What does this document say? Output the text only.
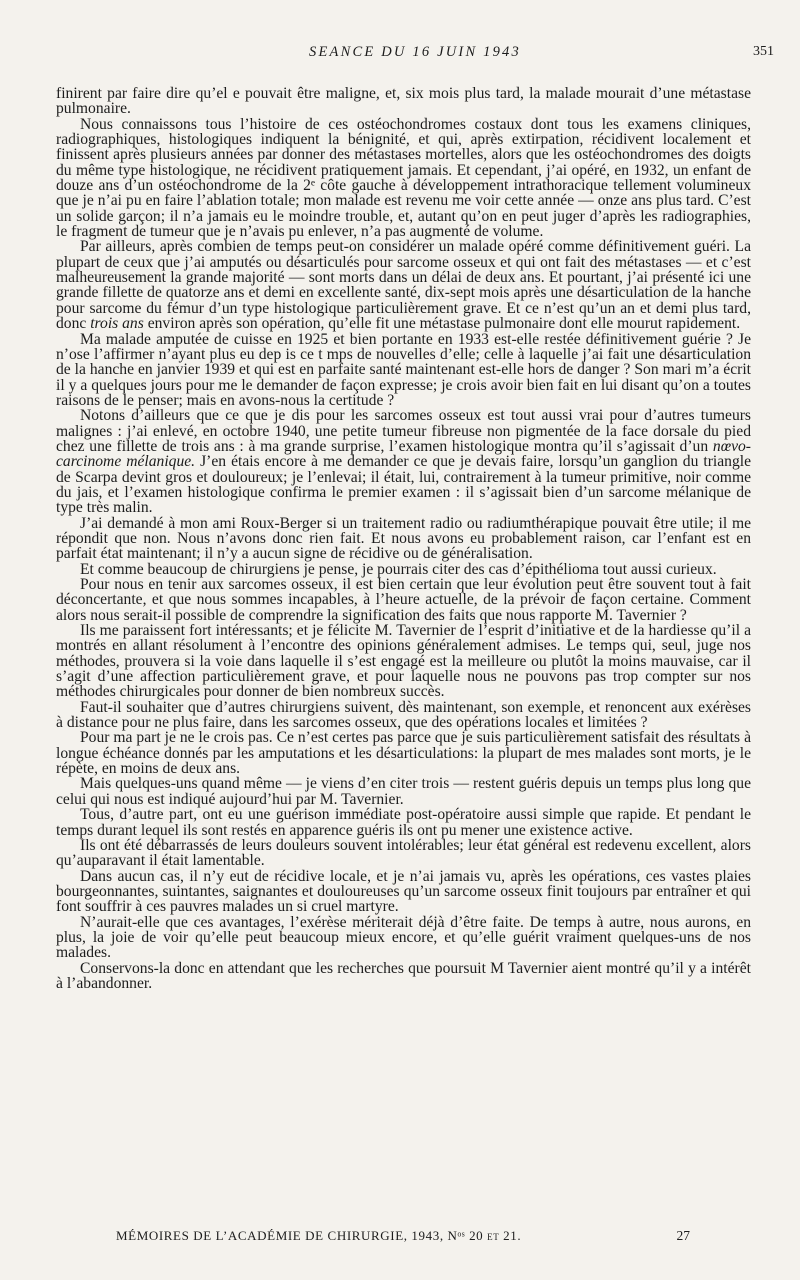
SEANCE DU 16 JUIN 1943	351

finirent par faire dire qu’el e pouvait être maligne, et, six mois plus tard, la malade mourait d’une métastase pulmonaire.

Nous connaissons tous l’histoire de ces ostéochondromes costaux dont tous les examens cliniques, radiographiques, histologiques indiquent la bénignité, et qui, après extirpation, récidivent localement et finissent après plusieurs années par donner des métastases mortelles, alors que les ostéochondromes des doigts du même type histologique, ne récidivent pratiquement jamais. Et cependant, j’ai opéré, en 1932, un enfant de douze ans d’un ostéochondrome de la 2ᵉ côte gauche à développement intrathoracique tellement volumineux que je n’ai pu en faire l’ablation totale; mon malade est revenu me voir cette année — onze ans plus tard. C’est un solide garçon; il n’a jamais eu le moindre trouble, et, autant qu’on en peut juger d’après les radiographies, le fragment de tumeur que je n’avais pu enlever, n’a pas augmenté de volume.

Par ailleurs, après combien de temps peut-on considérer un malade opéré comme définitivement guéri. La plupart de ceux que j’ai amputés ou désarticulés pour sarcome osseux et qui ont fait des métastases — et c’est malheureusement la grande majorité — sont morts dans un délai de deux ans. Et pourtant, j’ai présenté ici une grande fillette de quatorze ans et demi en excellente santé, dix-sept mois après une désarticulation de la hanche pour sarcome du fémur d’un type histologique particulièrement grave. Et ce n’est qu’un an et demi plus tard, donc trois ans environ après son opération, qu’elle fit une métastase pulmonaire dont elle mourut rapidement.

Ma malade amputée de cuisse en 1925 et bien portante en 1933 est-elle restée définitivement guérie ? Je n’ose l’affirmer n’ayant plus eu dep is ce t mps de nouvelles d’elle; celle à laquelle j’ai fait une désarticulation de la hanche en janvier 1939 et qui est en parfaite santé maintenant est-elle hors de danger ? Son mari m’a écrit il y a quelques jours pour me le demander de façon expresse; je crois avoir bien fait en lui disant qu’on a toutes raisons de le penser; mais en avons-nous la certitude ?

Notons d’ailleurs que ce que je dis pour les sarcomes osseux est tout aussi vrai pour d’autres tumeurs malignes : j’ai enlevé, en octobre 1940, une petite tumeur fibreuse non pigmentée de la face dorsale du pied chez une fillette de trois ans : à ma grande surprise, l’examen histologique montra qu’il s’agissait d’un nœvo-carcinome mélanique. J’en étais encore à me demander ce que je devais faire, lorsqu’un ganglion du triangle de Scarpa devint gros et douloureux; je l’enlevai; il était, lui, contrairement à la tumeur primitive, noir comme du jais, et l’examen histologique confirma le premier examen : il s’agissait bien d’un sarcome mélanique de type très malin.

J’ai demandé à mon ami Roux-Berger si un traitement radio ou radiumthérapique pouvait être utile; il me répondit que non. Nous n’avons donc rien fait. Et nous avons eu probablement raison, car l’enfant est en parfait état maintenant; il n’y a aucun signe de récidive ou de généralisation.

Et comme beaucoup de chirurgiens je pense, je pourrais citer des cas d’épithélioma tout aussi curieux.

Pour nous en tenir aux sarcomes osseux, il est bien certain que leur évolution peut être souvent tout à fait déconcertante, et que nous sommes incapables, à l’heure actuelle, de la prévoir de façon certaine. Comment alors nous serait-il possible de comprendre la signification des faits que nous rapporte M. Tavernier ?

Ils me paraissent fort intéressants; et je félicite M. Tavernier de l’esprit d’initiative et de la hardiesse qu’il a montrés en allant résolument à l’encontre des opinions généralement admises. Le temps qui, seul, juge nos méthodes, prouvera si la voie dans laquelle il s’est engagé est la meilleure ou plutôt la moins mauvaise, car il s’agit d’une affection particulièrement grave, et pour laquelle nous ne pouvons pas trop compter sur nos méthodes chirurgicales pour donner de bien nombreux succès.

Faut-il souhaiter que d’autres chirurgiens suivent, dès maintenant, son exemple, et renoncent aux exérèses à distance pour ne plus faire, dans les sarcomes osseux, que des opérations locales et limitées ?

Pour ma part je ne le crois pas. Ce n’est certes pas parce que je suis particulièrement satisfait des résultats à longue échéance donnés par les amputations et les désarticulations: la plupart de mes malades sont morts, je le répète, en moins de deux ans.

Mais quelques-uns quand même — je viens d’en citer trois — restent guéris depuis un temps plus long que celui qui nous est indiqué aujourd’hui par M. Tavernier.

Tous, d’autre part, ont eu une guérison immédiate post-opératoire aussi simple que rapide. Et pendant le temps durant lequel ils sont restés en apparence guéris ils ont pu mener une existence active.

Ils ont été débarrassés de leurs douleurs souvent intolérables; leur état général est redevenu excellent, alors qu’auparavant il était lamentable.

Dans aucun cas, il n’y eut de récidive locale, et je n’ai jamais vu, après les opérations, ces vastes plaies bourgeonnantes, suintantes, saignantes et douloureuses qu’un sarcome osseux finit toujours par entraîner et qui font souffrir à ces pauvres malades un si cruel martyre.

N’aurait-elle que ces avantages, l’exérèse mériterait déjà d’être faite. De temps à autre, nous aurons, en plus, la joie de voir qu’elle peut beaucoup mieux encore, et qu’elle guérit vraiment quelques-uns de nos malades.

Conservons-la donc en attendant que les recherches que poursuit M Tavernier aient montré qu’il y a intérêt à l’abandonner.

MÉMOIRES DE L’ACADÉMIE DE CHIRURGIE, 1943, Nᵒˢ 20 et 21.	27
